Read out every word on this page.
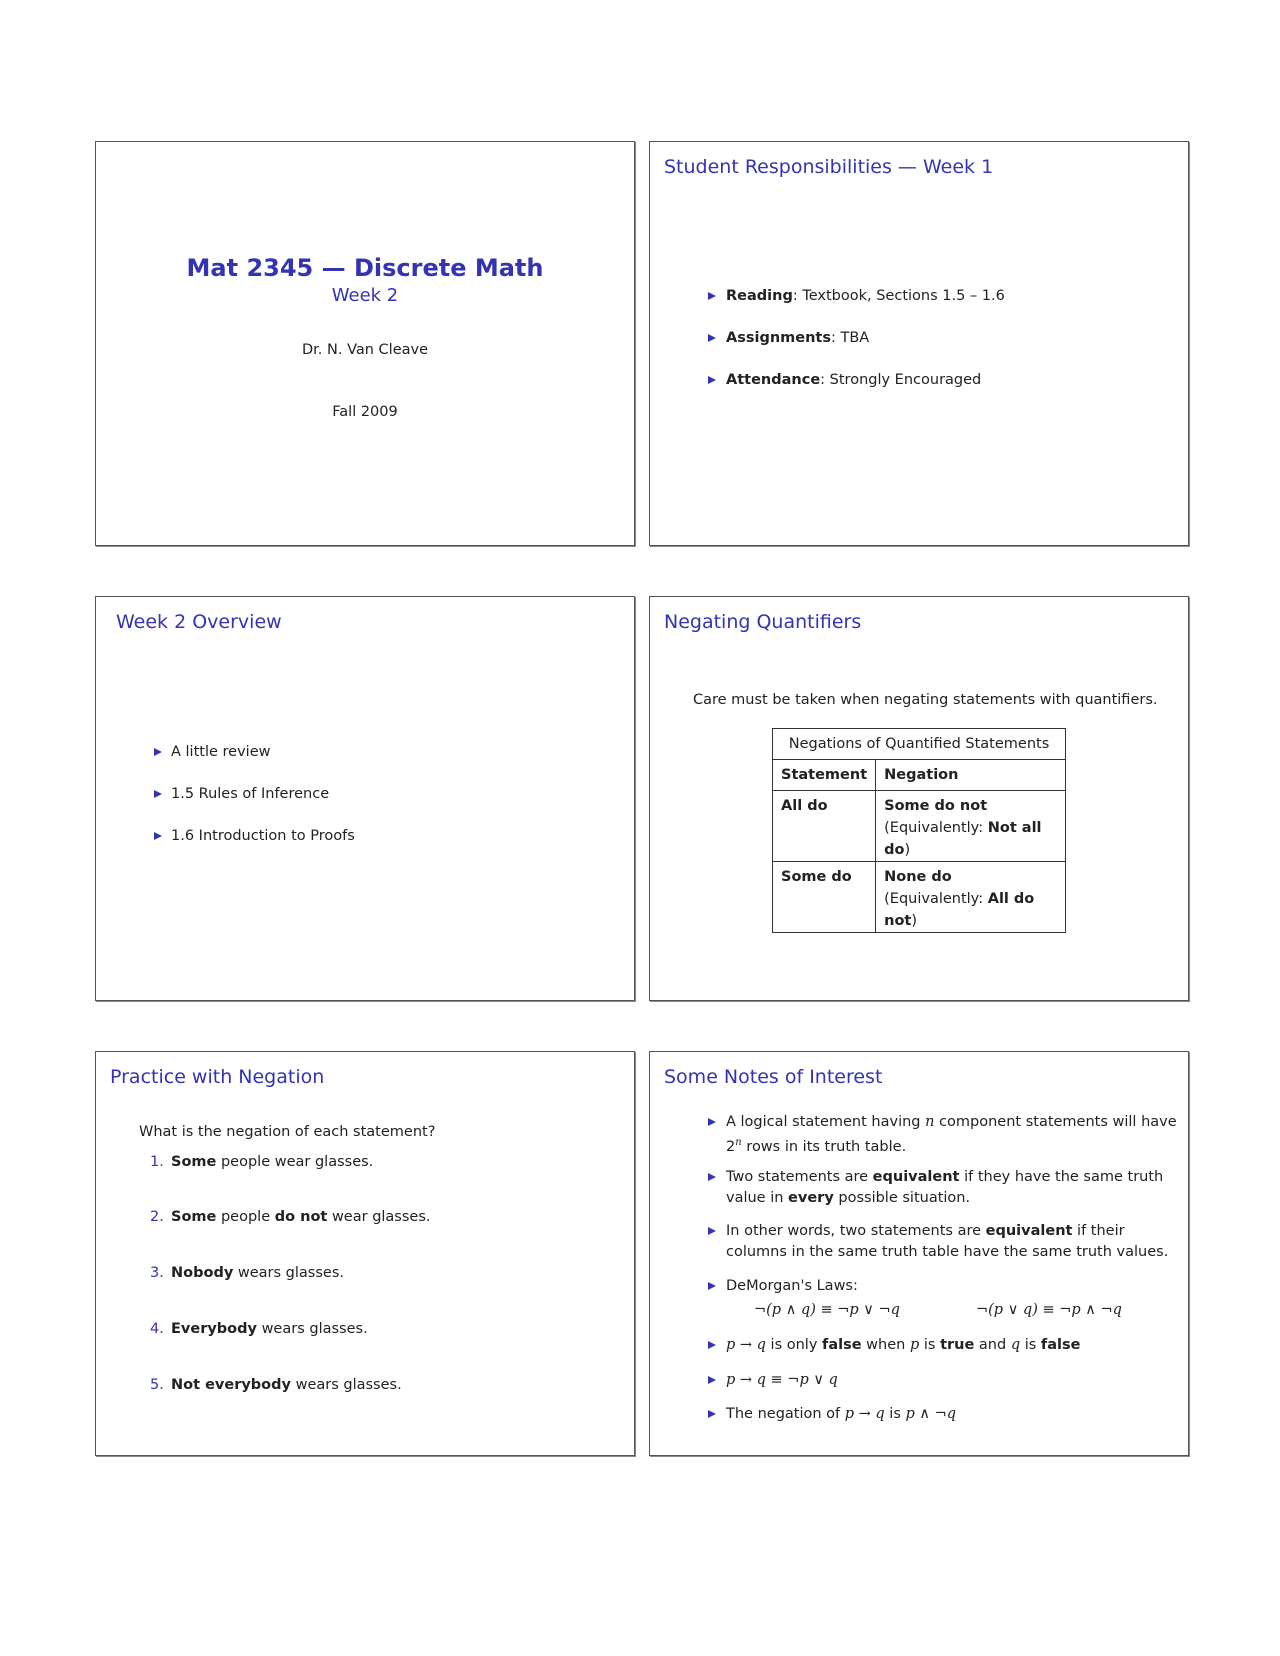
Mat 2345 — Discrete Math
Week 2
Dr. N. Van Cleave
Fall 2009
Student Responsibilities — Week 1
Reading: Textbook, Sections 1.5 – 1.6
Assignments: TBA
Attendance: Strongly Encouraged
Week 2 Overview
A little review
1.5 Rules of Inference
1.6 Introduction to Proofs
Negating Quantifiers
Care must be taken when negating statements with quantifiers.
Negations of Quantified Statements	
Statement	Negation
All do	Some do not
(Equivalently: Not all do)
Some do	None do
(Equivalently: All do not)
Practice with Negation
What is the negation of each statement?
1. Some people wear glasses.
2. Some people do not wear glasses.
3. Nobody wears glasses.
4. Everybody wears glasses.
5. Not everybody wears glasses.
Some Notes of Interest
¬(p ∧ q) ≡ ¬p ∨ ¬q	¬(p ∨ q) ≡ ¬p ∧ ¬q
A logical statement having n component statements will have
2$^n$ rows in its truth table.
Two statements are equivalent if they have the same truth
value in every possible situation.
In other words, two statements are equivalent if their
columns in the same truth table have the same truth values.
DeMorgan's Laws:
p → q is only false when p is true and q is false
p → q ≡ ¬p ∨ q
The negation of p → q is p ∧ ¬q
